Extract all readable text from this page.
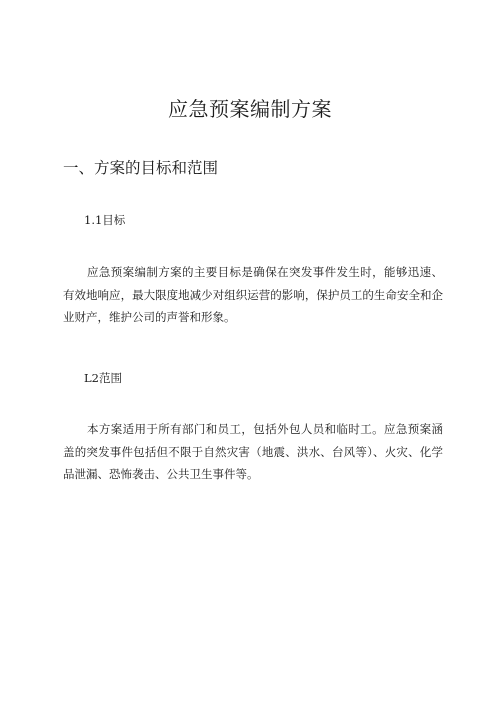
应急预案编制方案
一、方案的目标和范围
1.1目标

应急预案编制方案的主要目标是确保在突发事件发生时，能够迅速、有效地响应，最大限度地减少对组织运营的影响，保护员工的生命安全和企业财产，维护公司的声誉和形象。

L2范围

本方案适用于所有部门和员工，包括外包人员和临时工。应急预案涵盖的突发事件包括但不限于自然灾害（地震、洪水、台风等）、火灾、化学品泄漏、恐怖袭击、公共卫生事件等。
